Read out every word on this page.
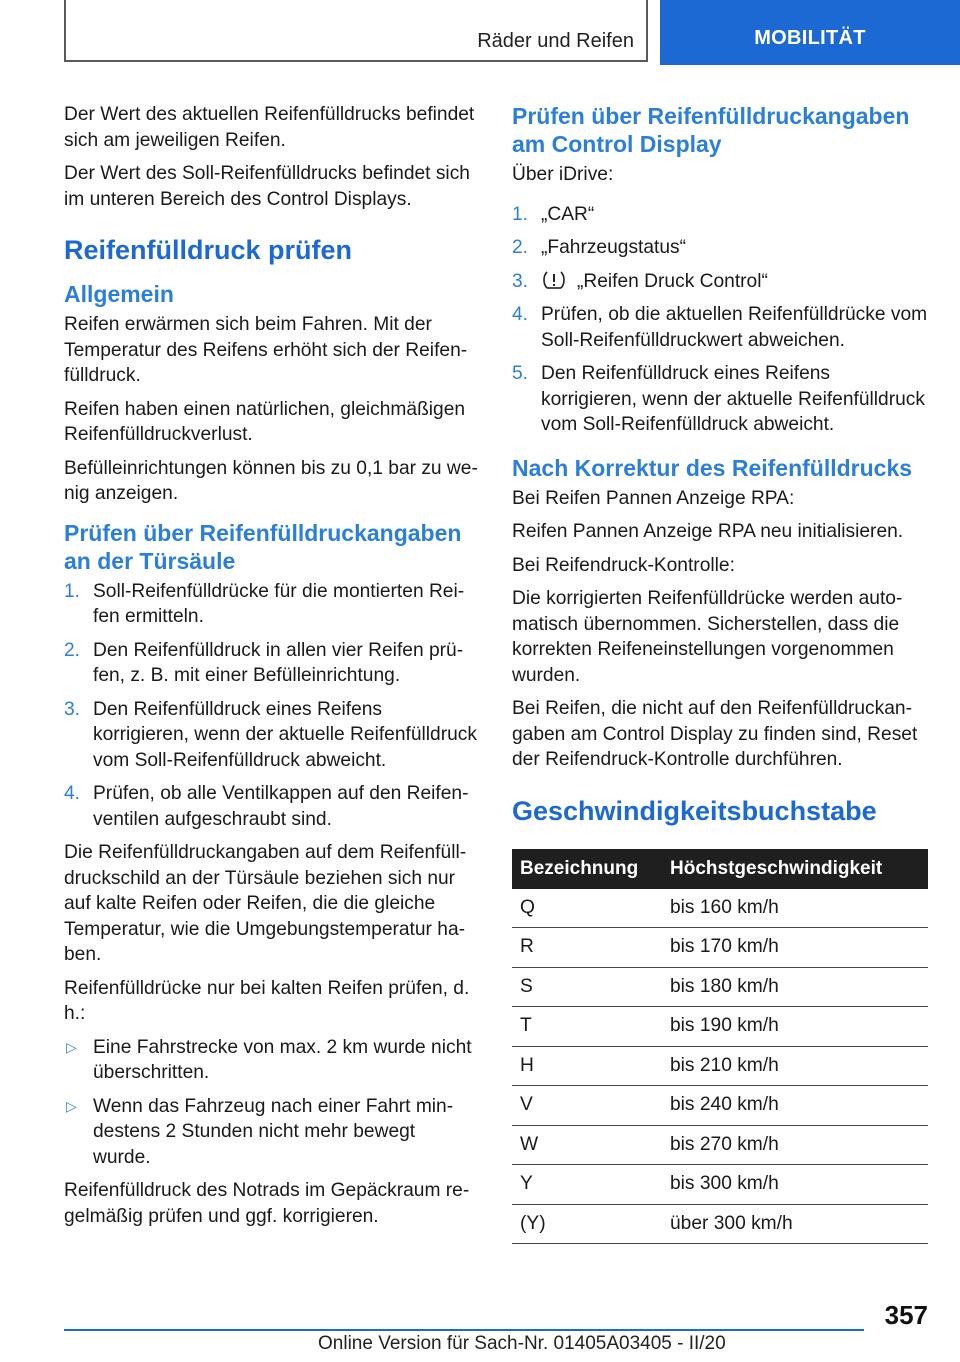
Räder und Reifen	MOBILITÄT

Der Wert des aktuellen Reifenfülldrucks befindet sich am jeweiligen Reifen.

Der Wert des Soll-Reifenfülldrucks befindet sich im unteren Bereich des Control Displays.

Reifenfülldruck prüfen
Allgemein

Reifen erwärmen sich beim Fahren. Mit der Temperatur des Reifens erhöht sich der Reifenfülldruck.

Reifen haben einen natürlichen, gleichmäßigen Reifenfülldruckverlust.

Befülleinrichtungen können bis zu 0,1 bar zu wenig anzeigen.

Prüfen über Reifenfülldruckangaben an der Türsäule
1. Soll-Reifenfülldrücke für die montierten Reifen ermitteln.
2. Den Reifenfülldruck in allen vier Reifen prüfen, z. B. mit einer Befülleinrichtung.
3. Den Reifenfülldruck eines Reifens korrigieren, wenn der aktuelle Reifenfülldruck vom Soll-Reifenfülldruck abweicht.
4. Prüfen, ob alle Ventilkappen auf den Reifenventilen aufgeschraubt sind.

Die Reifenfülldruckangaben auf dem Reifenfülldruckschild an der Türsäule beziehen sich nur auf kalte Reifen oder Reifen, die die gleiche Temperatur, wie die Umgebungstemperatur haben.

Reifenfülldrücke nur bei kalten Reifen prüfen, d. h.:

▷ Eine Fahrstrecke von max. 2 km wurde nicht überschritten.
▷ Wenn das Fahrzeug nach einer Fahrt mindestens 2 Stunden nicht mehr bewegt wurde.

Reifenfülldruck des Notrads im Gepäckraum regelmäßig prüfen und ggf. korrigieren.

Prüfen über Reifenfülldruckangaben am Control Display

Über iDrive:

1. „CAR“
2. „Fahrzeugstatus“
3.	„Reifen Druck Control“
4. Prüfen, ob die aktuellen Reifenfülldrücke vom Soll-Reifenfülldruckwert abweichen.
5. Den Reifenfülldruck eines Reifens korrigieren, wenn der aktuelle Reifenfülldruck vom Soll-Reifenfülldruck abweicht.
Nach Korrektur des Reifenfülldrucks

Bei Reifen Pannen Anzeige RPA:

Reifen Pannen Anzeige RPA neu initialisieren.

Bei Reifendruck-Kontrolle:

Die korrigierten Reifenfülldrücke werden automatisch übernommen. Sicherstellen, dass die korrekten Reifeneinstellungen vorgenommen wurden.

Bei Reifen, die nicht auf den Reifenfülldruckangaben am Control Display zu finden sind, Reset der Reifendruck-Kontrolle durchführen.

Geschwindigkeitsbuchstabe
Bezeichnung	Höchstgeschwindigkeit
Q	bis 160 km/h
R	bis 170 km/h
S	bis 180 km/h
T	bis 190 km/h
H	bis 210 km/h
V	bis 240 km/h
W	bis 270 km/h
Y	bis 300 km/h
(Y)	über 300 km/h
357
Online Version für Sach-Nr. 01405A03405 - II/20
